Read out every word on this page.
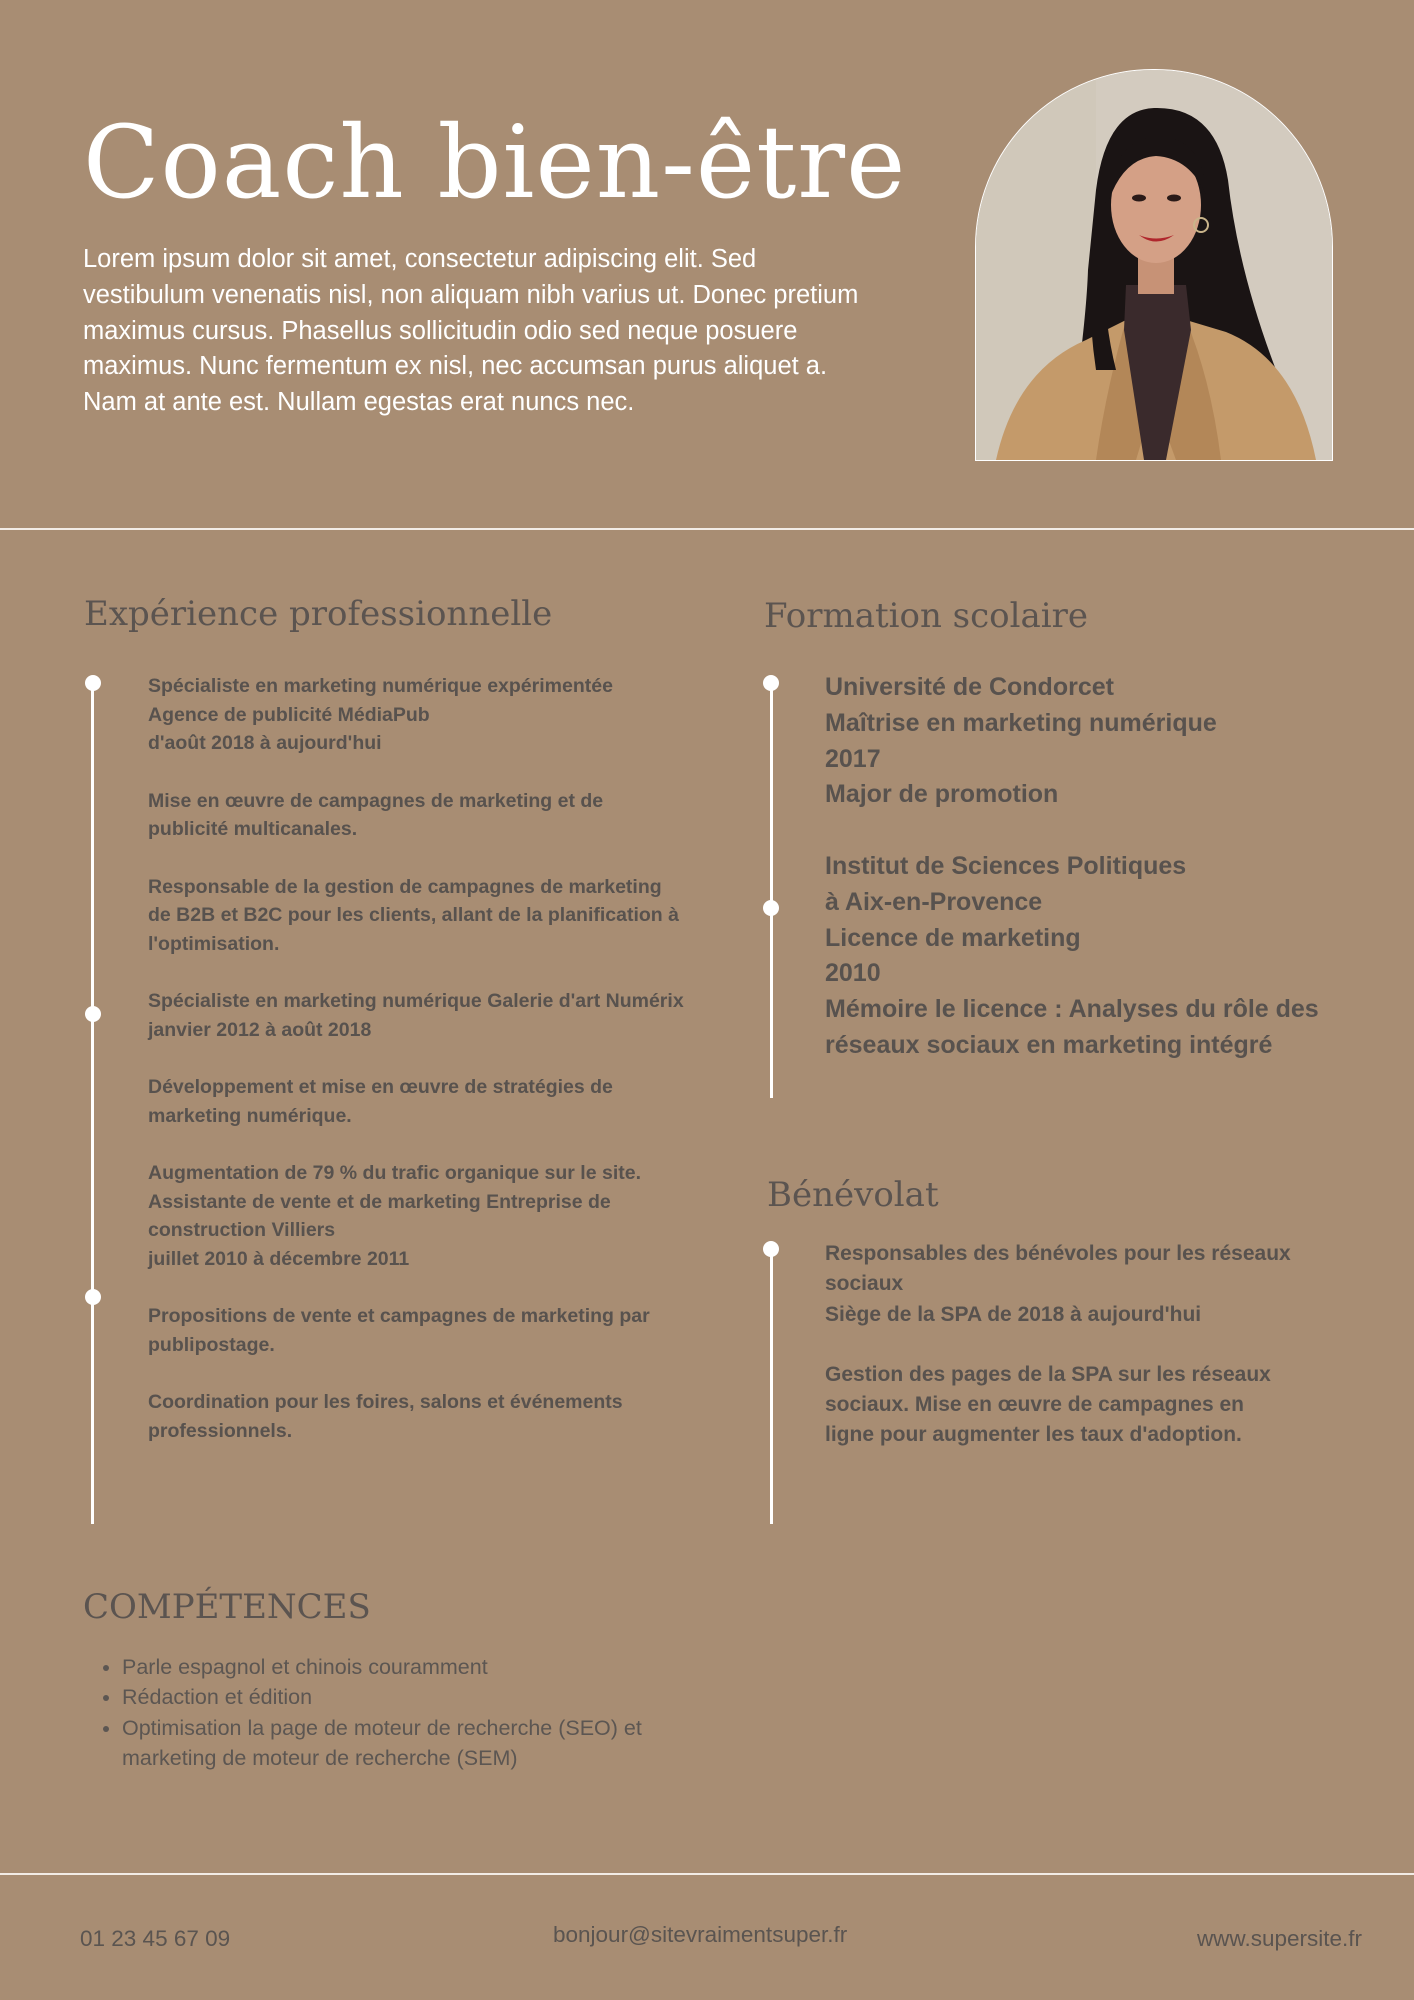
Coach bien-être

Lorem ipsum dolor sit amet, consectetur adipiscing elit. Sed vestibulum venenatis nisl, non aliquam nibh varius ut. Donec pretium maximus cursus. Phasellus sollicitudin odio sed neque posuere maximus. Nunc fermentum ex nisl, nec accumsan purus aliquet a. Nam at ante est. Nullam egestas erat nuncs nec.

Expérience professionnelle

Spécialiste en marketing numérique expérimentée
Agence de publicité MédiaPub
d'août 2018 à aujourd'hui

Mise en œuvre de campagnes de marketing et de publicité multicanales.

Responsable de la gestion de campagnes de marketing de B2B et B2C pour les clients, allant de la planification à l'optimisation.

Spécialiste en marketing numérique Galerie d'art Numérix
janvier 2012 à août 2018

Développement et mise en œuvre de stratégies de marketing numérique.

Augmentation de 79 % du trafic organique sur le site.
Assistante de vente et de marketing Entreprise de construction Villiers
juillet 2010 à décembre 2011

Propositions de vente et campagnes de marketing par publipostage.

Coordination pour les foires, salons et événements professionnels.

Formation scolaire

Université de Condorcet
Maîtrise en marketing numérique
2017
Major de promotion

Institut de Sciences Politiques
à Aix-en-Provence
Licence de marketing
2010
Mémoire le licence : Analyses du rôle des réseaux sociaux en marketing intégré

Bénévolat

Responsables des bénévoles pour les réseaux sociaux
Siège de la SPA de 2018 à aujourd'hui

Gestion des pages de la SPA sur les réseaux sociaux. Mise en œuvre de campagnes en ligne pour augmenter les taux d'adoption.

COMPÉTENCES
• Parle espagnol et chinois couramment
• Rédaction et édition
• Optimisation la page de moteur de recherche (SEO) et marketing de moteur de recherche (SEM)
01 23 45 67 09	bonjour@sitevraimentsuper.fr	www.supersite.fr
